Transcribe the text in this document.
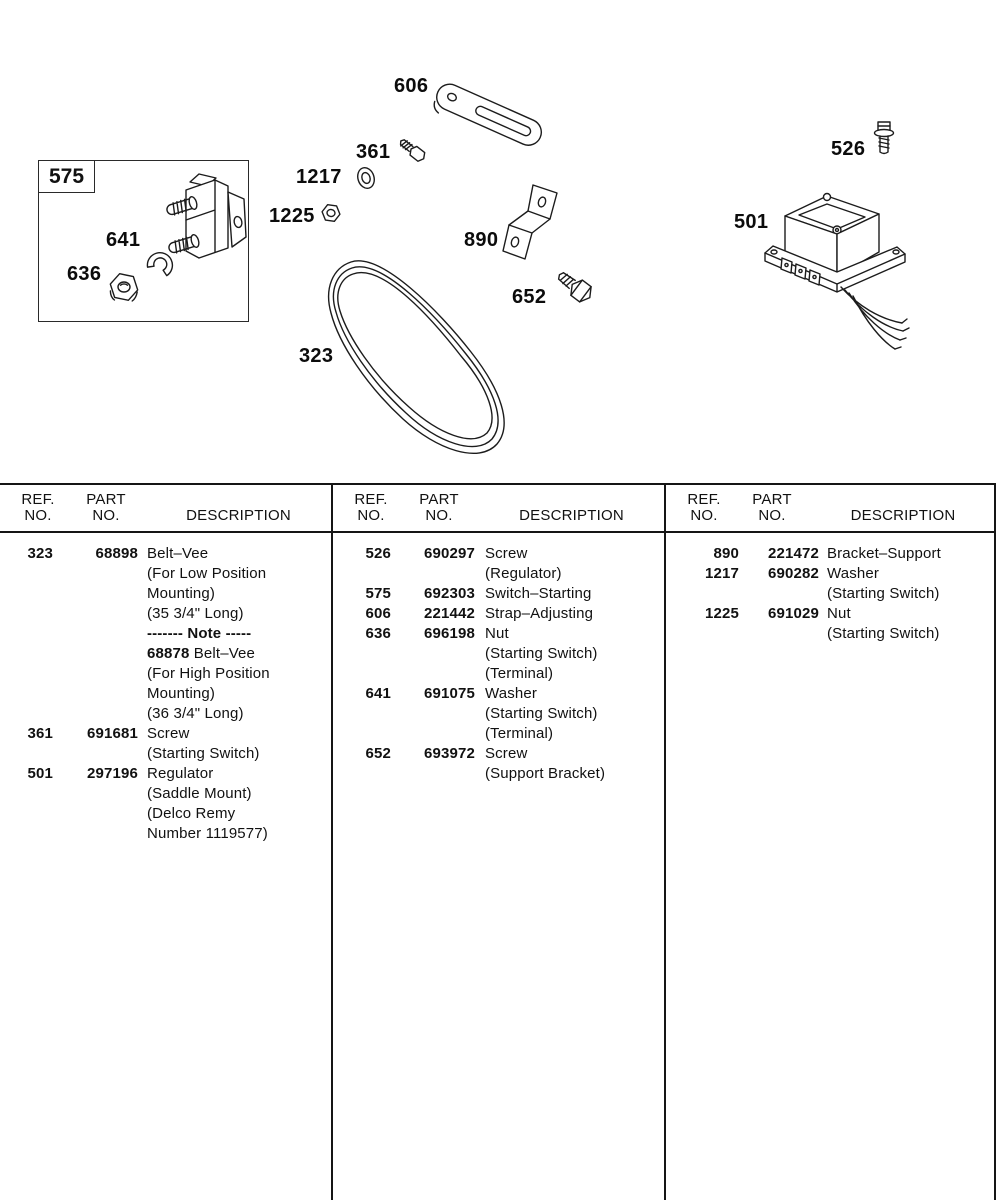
575
606
361
1217
1225
641
636
890
652
323
501
526
REF.
NO.
PART
NO.	DESCRIPTION
323	68898 Belt–Vee
(For Low Position
Mounting)
(35 3/4" Long)
------- Note -----
68878 Belt–Vee
(For High Position
Mounting)
(36 3/4" Long)
361	691681 Screw
(Starting Switch)
501	297196 Regulator
(Saddle Mount)
(Delco Remy
Number 1119577)
REF.
NO.
PART
NO.	DESCRIPTION
526	690297 Screw
(Regulator)
575	692303 Switch–Starting
606	221442 Strap–Adjusting
636	696198 Nut
(Starting Switch)
(Terminal)
641	691075 Washer
(Starting Switch)
(Terminal)
652	693972 Screw
(Support Bracket)
REF.
NO.
PART
NO.	DESCRIPTION
890	221472 Bracket–Support
1217	690282 Washer
(Starting Switch)
1225	691029 Nut
(Starting Switch)
